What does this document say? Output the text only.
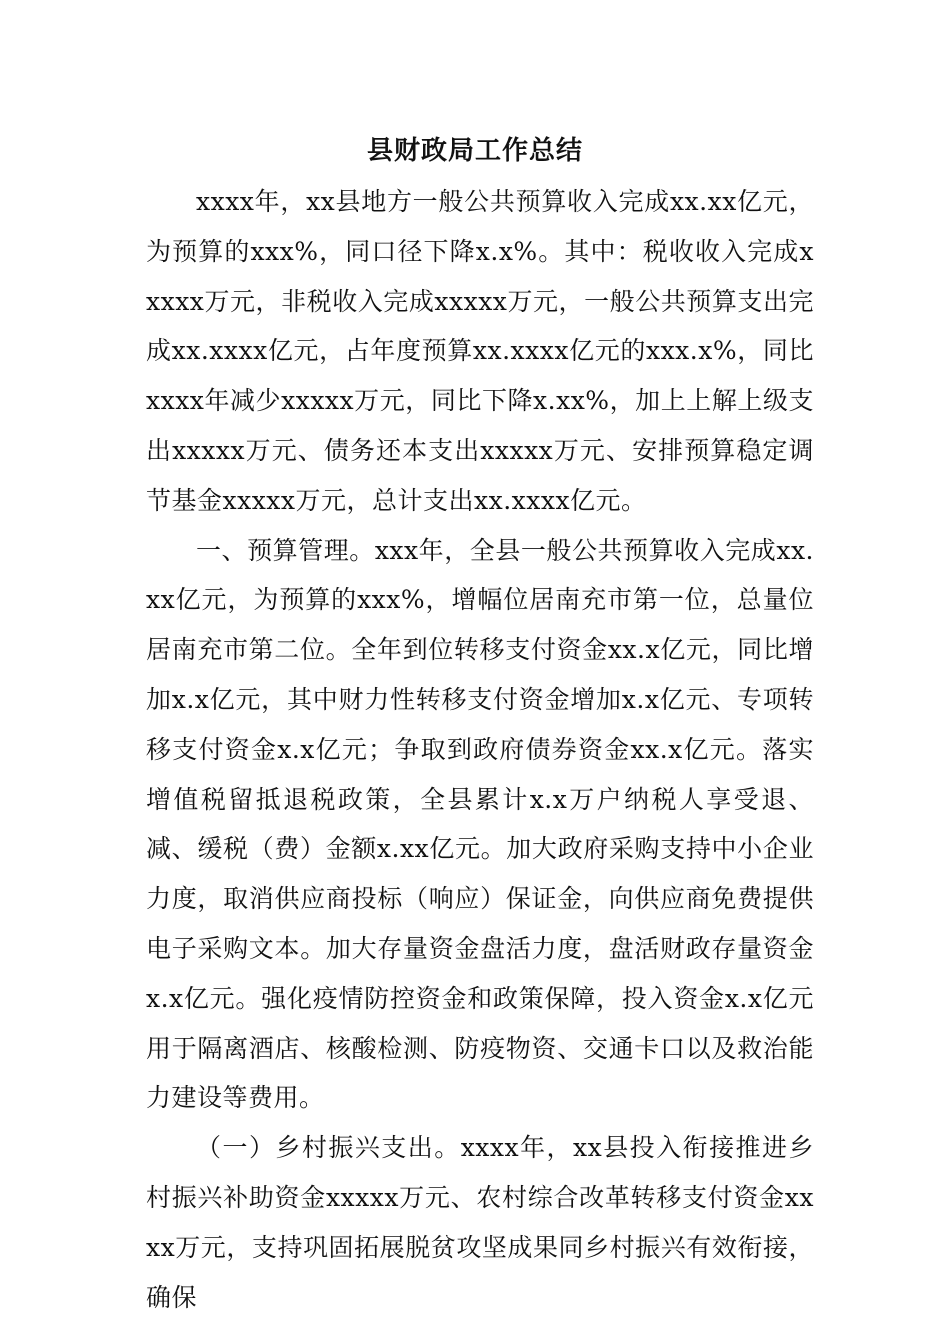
县财政局工作总结

xxxx年，xx县地方一般公共预算收入完成xx.xx亿元，为预算的xxx%，同口径下降x.x%。其中：税收收入完成xxxxx万元，非税收入完成xxxxx万元，一般公共预算支出完成xx.xxxx亿元，占年度预算xx.xxxx亿元的xxx.x%，同比xxxx年减少xxxxx万元，同比下降x.xx%，加上上解上级支出xxxxx万元、债务还本支出xxxxx万元、安排预算稳定调节基金xxxxx万元，总计支出xx.xxxx亿元。

一、预算管理。xxx年，全县一般公共预算收入完成xx.xx亿元，为预算的xxx%，增幅位居南充市第一位，总量位居南充市第二位。全年到位转移支付资金xx.x亿元，同比增加x.x亿元，其中财力性转移支付资金增加x.x亿元、专项转移支付资金x.x亿元；争取到政府债券资金xx.x亿元。落实增值税留抵退税政策，全县累计x.x万户纳税人享受退、减、缓税（费）金额x.xx亿元。加大政府采购支持中小企业力度，取消供应商投标（响应）保证金，向供应商免费提供电子采购文本。加大存量资金盘活力度，盘活财政存量资金x.x亿元。强化疫情防控资金和政策保障，投入资金x.x亿元用于隔离酒店、核酸检测、防疫物资、交通卡口以及救治能力建设等费用。

（一）乡村振兴支出。xxxx年，xx县投入衔接推进乡村振兴补助资金xxxxx万元、农村综合改革转移支付资金xxxx万元，支持巩固拓展脱贫攻坚成果同乡村振兴有效衔接，确保
